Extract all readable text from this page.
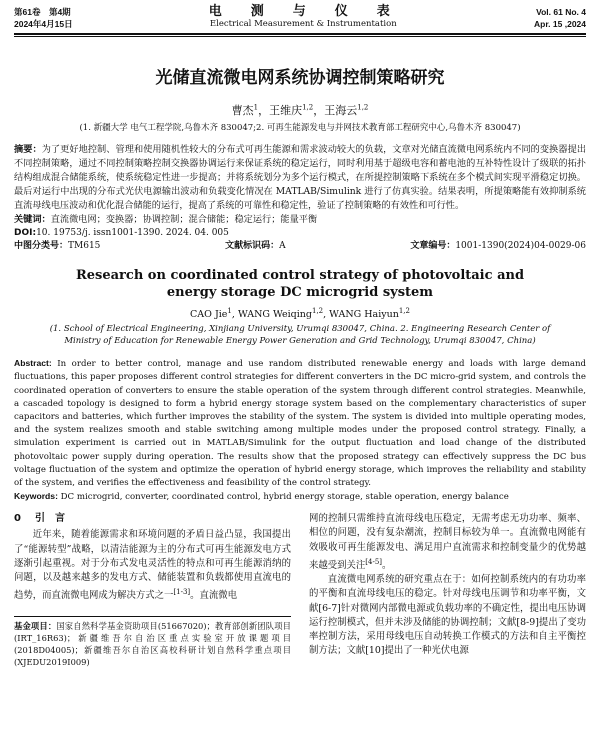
第61卷　第4期
2024年4月15日
电　测　与　仪　表
Electrical Measurement & Instrumentation
Vol. 61 No. 4
Apr. 15 ,2024
光储直流微电网系统协调控制策略研究
曹杰$^1$，王维庆$^{1,2}$，王海云$^{1,2}$
(1. 新疆大学 电气工程学院,乌鲁木齐 830047;2. 可再生能源发电与并网技术教育部工程研究中心,乌鲁木齐 830047)
摘要：为了更好地控制、管理和使用随机性较大的分布式可再生能源和需求波动较大的负载，文章对光储直流微电网系统内不同的变换器提出不同控制策略，通过不同控制策略控制交换器协调运行来保证系统的稳定运行，同时利用基于超级电容和蓄电池的互补特性设计了级联的拓扑结构组成混合储能系统，使系统稳定性进一步提高；并将系统划分为多个运行模式，在所提控制策略下系统在多个模式间实现平滑稳定切换。最后对运行中出现的分布式光伏电源输出波动和负载变化情况在 MATLAB/Simulink 进行了仿真实验。结果表明，所提策略能有效抑制系统直流母线电压波动和优化混合储能的运行，提高了系统的可靠性和稳定性，验证了控制策略的有效性和可行性。
关键词：直流微电网；变换器；协调控制；混合储能；稳定运行；能量平衡
DOI:10. 19753/j. issn1001-1390. 2024. 04. 005
中图分类号：TM615	文献标识码：A	文章编号：1001-1390(2024)04-0029-06
Research on coordinated control strategy of photovoltaic and energy storage DC microgrid system
CAO Jie$^1$, WANG Weiqing$^{1,2}$, WANG Haiyun$^{1,2}$
(1. School of Electrical Engineering, Xinjiang University, Urumqi 830047, China. 2. Engineering Research Center of Ministry of Education for Renewable Energy Power Generation and Grid Technology, Urumqi 830047, China)
Abstract: In order to better control, manage and use random distributed renewable energy and loads with large demand fluctuations, this paper proposes different control strategies for different converters in the DC micro-grid system, and controls the coordinated operation of converters to ensure the stable operation of the system through different control strategies. Meanwhile, a cascaded topology is designed to form a hybrid energy storage system based on the complementary characteristics of super capacitors and batteries, which further improves the stability of the system. The system is divided into multiple operating modes, and the system realizes smooth and stable switching among multiple modes under the proposed control strategy. Finally, a simulation experiment is carried out in MATLAB/Simulink for the output fluctuation and load change of the distributed photovoltaic power supply during operation. The results show that the proposed strategy can effectively suppress the DC bus voltage fluctuation of the system and optimize the operation of hybrid energy storage, which improves the reliability and stability of the system, and verifies the effectiveness and feasibility of the control strategy.
Keywords: DC microgrid, converter, coordinated control, hybrid energy storage, stable operation, energy balance
0 引　言

近年来，随着能源需求和环境问题的矛盾日益凸显，我国提出了“能源转型”战略，以清洁能源为主的分布式可再生能源发电方式逐渐引起重视。对于分布式发电灵活性的特点和可再生能源消纳的问题，以及越来越多的发电方式、储能装置和负载都使用直流电的趋势，而直流微电网成为解决方式之一[1-3]。直流微电

基金项目：国家自然科学基金资助项目(51667020)；教育部创新团队项目(IRT_16R63)；新疆维吾尔自治区重点实验室开放课题项目(2018D04005)；新疆维吾尔自治区高校科研计划自然科学重点项目(XJEDU2019I009)

网的控制只需维持直流母线电压稳定，无需考虑无功功率、频率、相位的问题，没有复杂潮流，控制目标较为单一。直流微电网能有效吸收可再生能源发电、满足用户直流需求和控制变量少的优势越来越受到关注[4-5]。

直流微电网系统的研究重点在于：如何控制系统内的有功功率的平衡和直流母线电压的稳定。针对母线电压调节和功率平衡，文献[6-7]针对微网内部微电源或负载功率的不确定性，提出电压协调运行控制模式，但并未涉及储能的协调控制；文献[8-9]提出了变功率控制方法，采用母线电压自动转换工作模式的方法和自主平衡控制方法；文献[10]提出了一种光伏电源
